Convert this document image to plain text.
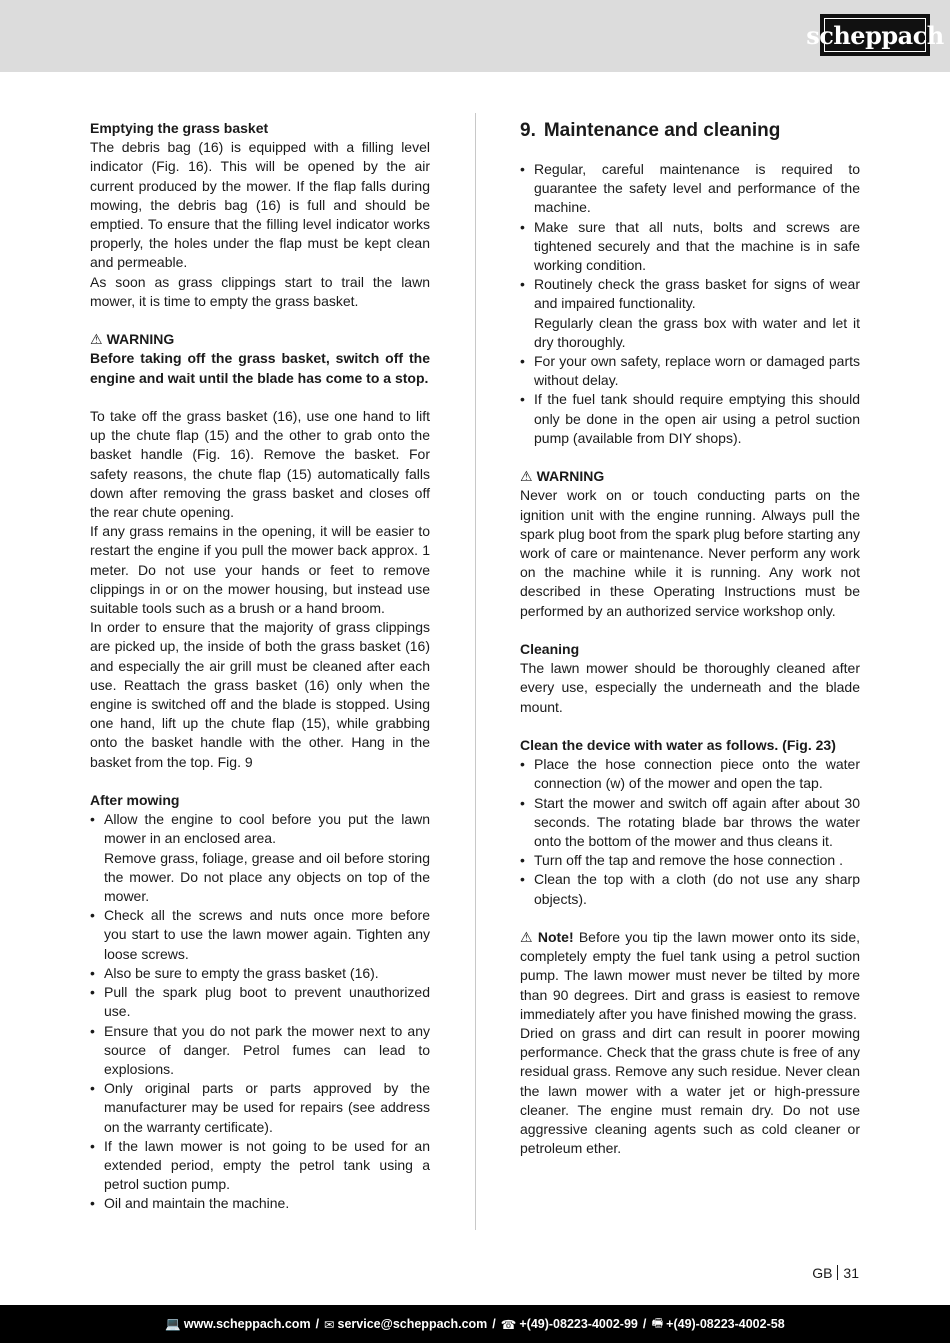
scheppach

Emptying the grass basket

The debris bag (16) is equipped with a filling level indicator (Fig. 16). This will be opened by the air current produced by the mower. If the flap falls during mowing, the debris bag (16) is full and should be emptied. To ensure that the filling level indicator works properly, the holes under the flap must be kept clean and permeable.

As soon as grass clippings start to trail the lawn mower, it is time to empty the grass basket.

⚠ WARNING

Before taking off the grass basket, switch off the engine and wait until the blade has come to a stop.

To take off the grass basket (16), use one hand to lift up the chute flap (15) and the other to grab onto the basket handle (Fig. 16). Remove the basket. For safety reasons, the chute flap (15) automatically falls down after removing the grass basket and closes off the rear chute opening.

If any grass remains in the opening, it will be easier to restart the engine if you pull the mower back approx. 1 meter. Do not use your hands or feet to remove clippings in or on the mower housing, but instead use suitable tools such as a brush or a hand broom.

In order to ensure that the majority of grass clippings are picked up, the inside of both the grass basket (16) and especially the air grill must be cleaned after each use. Reattach the grass basket (16) only when the engine is switched off and the blade is stopped. Using one hand, lift up the chute flap (15), while grabbing onto the basket handle with the other. Hang in the basket from the top. Fig. 9

After mowing

• Allow the engine to cool before you put the lawn mower in an enclosed area.
Remove grass, foliage, grease and oil before storing the mower. Do not place any objects on top of the mower.
• Check all the screws and nuts once more before you start to use the lawn mower again. Tighten any loose screws.
• Also be sure to empty the grass basket (16).
• Pull the spark plug boot to prevent unauthorized use.
• Ensure that you do not park the mower next to any source of danger. Petrol fumes can lead to explosions.
• Only original parts or parts approved by the manufacturer may be used for repairs (see address on the warranty certificate).
• If the lawn mower is not going to be used for an extended period, empty the petrol tank using a petrol suction pump.
• Oil and maintain the machine.
9. Maintenance and cleaning
• Regular, careful maintenance is required to guarantee the safety level and performance of the machine.
• Make sure that all nuts, bolts and screws are tightened securely and that the machine is in safe working condition.
• Routinely check the grass basket for signs of wear and impaired functionality.
Regularly clean the grass box with water and let it dry thoroughly.
• For your own safety, replace worn or damaged parts without delay.
• If the fuel tank should require emptying this should only be done in the open air using a petrol suction pump (available from DIY shops).

⚠ WARNING

Never work on or touch conducting parts on the ignition unit with the engine running. Always pull the spark plug boot from the spark plug before starting any work of care or maintenance. Never perform any work on the machine while it is running. Any work not described in these Operating Instructions must be performed by an authorized service workshop only.

Cleaning

The lawn mower should be thoroughly cleaned after every use, especially the underneath and the blade mount.

Clean the device with water as follows. (Fig. 23)

• Place the hose connection piece onto the water connection (w) of the mower and open the tap.
• Start the mower and switch off again after about 30 seconds. The rotating blade bar throws the water onto the bottom of the mower and thus cleans it.
• Turn off the tap and remove the hose connection .
• Clean the top with a cloth (do not use any sharp objects).

⚠ Note! Before you tip the lawn mower onto its side, completely empty the fuel tank using a petrol suction pump. The lawn mower must never be tilted by more than 90 degrees. Dirt and grass is easiest to remove immediately after you have finished mowing the grass.

Dried on grass and dirt can result in poorer mowing performance. Check that the grass chute is free of any residual grass. Remove any such residue. Never clean the lawn mower with a water jet or high-pressure cleaner. The engine must remain dry. Do not use aggressive cleaning agents such as cold cleaner or petroleum ether.

GB 31
💻 www.scheppach.com / ✉ service@scheppach.com / ☎ +(49)-08223-4002-99 / 🖷 +(49)-08223-4002-58
